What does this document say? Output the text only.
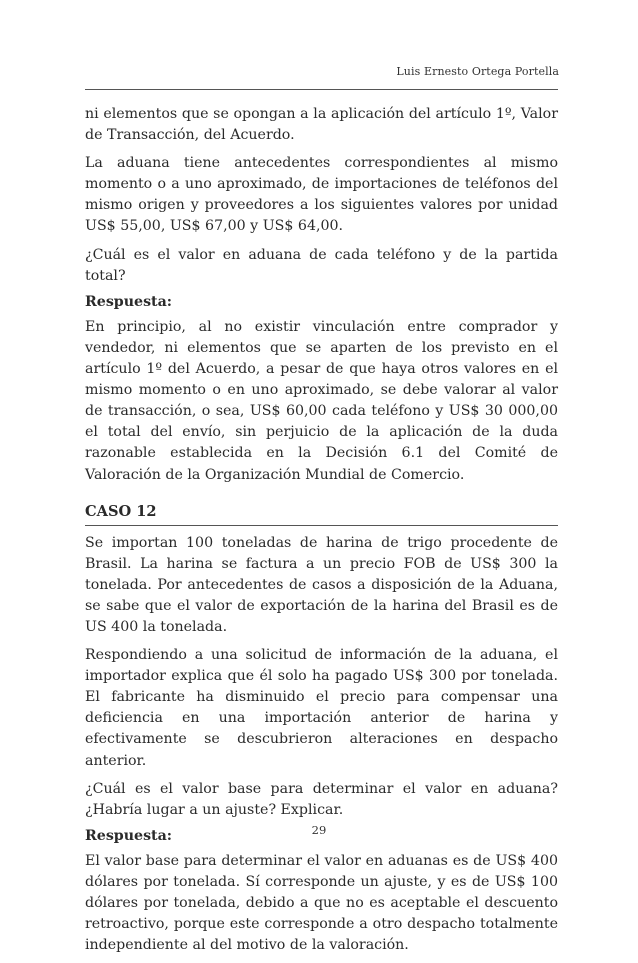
Luis Ernesto Ortega Portella

ni elementos que se opongan a la aplicación del artículo 1º, Valor de Transacción, del Acuerdo.

La aduana tiene antecedentes correspondientes al mismo momento o a uno aproximado, de importaciones de teléfonos del mismo origen y proveedores a los siguientes valores por unidad US$ 55,00, US$ 67,00 y US$ 64,00.

¿Cuál es el valor en aduana de cada teléfono y de la partida total?

Respuesta:

En principio, al no existir vinculación entre comprador y vendedor, ni elementos que se aparten de los previsto en el artículo 1º del Acuerdo, a pesar de que haya otros valores en el mismo momento o en uno aproximado, se debe valorar al valor de transacción, o sea, US$ 60,00 cada teléfono y US$ 30 000,00 el total del envío, sin perjuicio de la aplicación de la duda razonable establecida en la Decisión 6.1 del Comité de Valoración de la Organización Mundial de Comercio.

CASO 12

Se importan 100 toneladas de harina de trigo procedente de Brasil. La harina se factura a un precio FOB de US$ 300 la tonelada. Por antecedentes de casos a disposición de la Aduana, se sabe que el valor de exportación de la harina del Brasil es de US 400 la tonelada.

Respondiendo a una solicitud de información de la aduana, el importador explica que él solo ha pagado US$ 300 por tonelada. El fabricante ha disminuido el precio para compensar una deficiencia en una importación anterior de harina y efectivamente se descubrieron alteraciones en despacho anterior.

¿Cuál es el valor base para determinar el valor en aduana? ¿Habría lugar a un ajuste? Explicar.

Respuesta:

El valor base para determinar el valor en aduanas es de US$ 400 dólares por tonelada. Sí corresponde un ajuste, y es de US$ 100 dólares por tonelada, debido a que no es aceptable el descuento retroactivo, porque este corresponde a otro despacho totalmente independiente al del motivo de la valoración.

29
